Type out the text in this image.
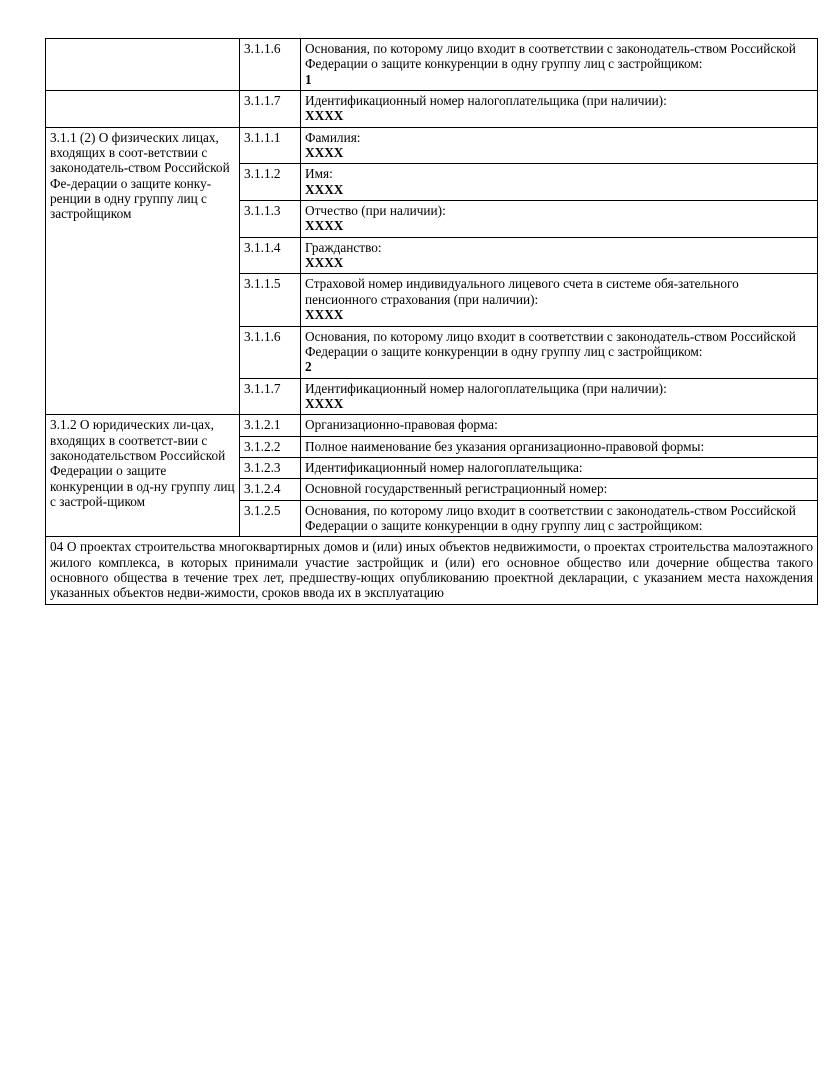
	3.1.1.6	Основания, по которому лицо входит в соответствии с законодатель-ством Российской Федерации о защите конкуренции в одну группу лиц с застройщиком:
1
	3.1.1.7	Идентификационный номер налогоплательщика (при наличии):
XXXX
3.1.1 (2) О физических лицах, входящих в соот-ветствии с законодатель-ством Российской Фе-дерации о защите конку-ренции в одну группу лиц с застройщиком	3.1.1.1	Фамилия:
XXXX
	3.1.1.2	Имя:
XXXX
	3.1.1.3	Отчество (при наличии):
XXXX
	3.1.1.4	Гражданство:
XXXX
	3.1.1.5	Страховой номер индивидуального лицевого счета в системе обя-зательного пенсионного страхования (при наличии):
XXXX
	3.1.1.6	Основания, по которому лицо входит в соответствии с законодатель-ством Российской Федерации о защите конкуренции в одну группу лиц с застройщиком:
2
	3.1.1.7	Идентификационный номер налогоплательщика (при наличии):
XXXX
3.1.2 О юридических ли-цах, входящих в соответст-вии с законодательством Российской Федерации о защите конкуренции в од-ну группу лиц с застрой-щиком	3.1.2.1	Организационно-правовая форма:

	3.1.2.2	Полное наименование без указания организационно-правовой формы:

	3.1.2.3	Идентификационный номер налогоплательщика:

	3.1.2.4	Основной государственный регистрационный номер:

	3.1.2.5	Основания, по которому лицо входит в соответствии с законодатель-ством Российской Федерации о защите конкуренции в одну группу лиц с застройщиком:

04 О проектах строительства многоквартирных домов и (или) иных объектов недвижимости, о проектах строительства малоэтажного жилого комплекса, в которых принимали участие застройщик и (или) его основное общество или дочерние общества такого основного общества в течение трех лет, предшеству-ющих опубликованию проектной декларации, с указанием места нахождения указанных объектов недви-жимости, сроков ввода их в эксплуатацию		
